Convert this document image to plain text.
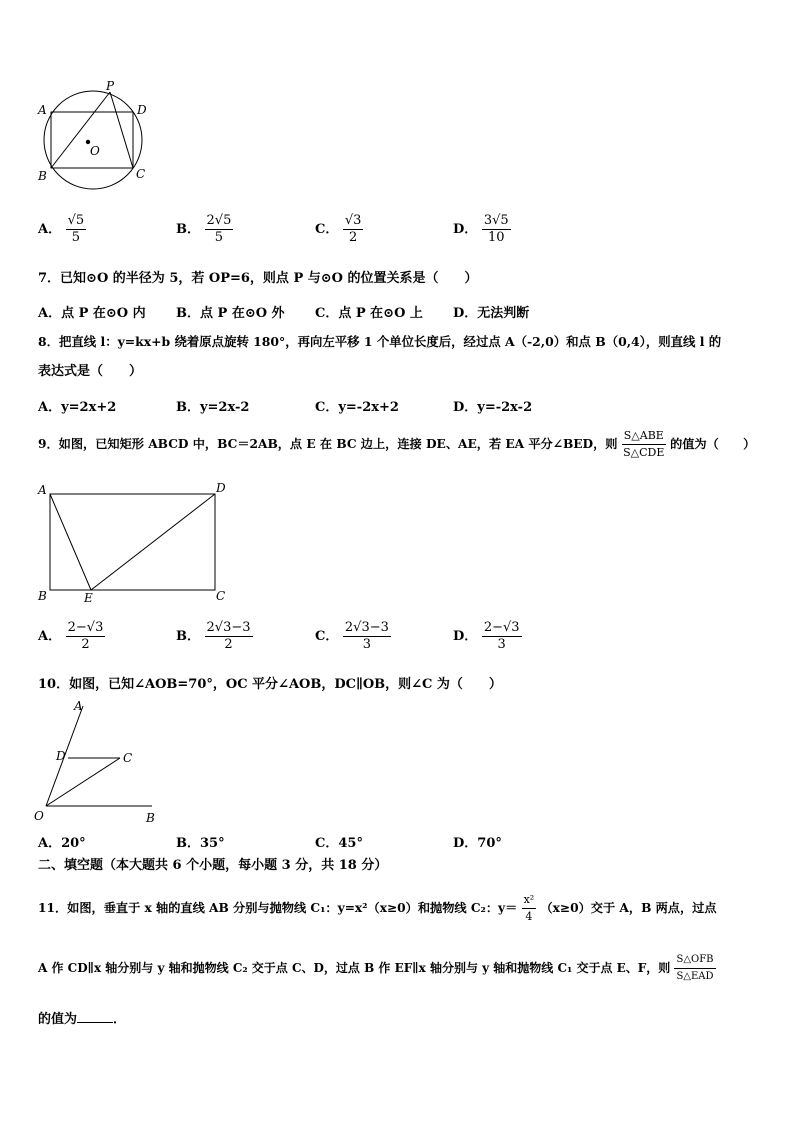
A
P
D
O
B	C
A． $\frac{√5}{5}$	B． $\frac{2√5}{5}$	C． $\frac{√3}{2}$	D． $\frac{3√5}{10}$
7．已知⊙O 的半径为 5，若 OP=6，则点 P 与⊙O 的位置关系是（　　）
A．点 P 在⊙O 内 B．点 P 在⊙O 外 C．点 P 在⊙O 上 D．无法判断
8．把直线 l：y=kx+b 绕着原点旋转 180°，再向左平移 1 个单位长度后，经过点 A（-2,0）和点 B（0,4），则直线 l 的
表达式是（　　）
A．y=2x+2	B．y=2x-2	C．y=-2x+2	D．y=-2x-2
9．如图，已知矩形 ABCD 中，BC＝2AB，点 E 在 BC 边上，连接 DE、AE，若 EA 平分∠BED，则 $\frac{\text{S△ABE}}{\text{S△CDE}}$ 的值为（　　）
A	D
B	E	C
A． $\frac{2-√3}{2}$	B． $\frac{2√3-3}{2}$	C． $\frac{2√3-3}{3}$	D． $\frac{2-√3}{3}$
10．如图，已知∠AOB=70°，OC 平分∠AOB，DC∥OB，则∠C 为（　　）
A
D	C
O	B
A．20°	B．35°	C．45°	D．70°
二、填空题（本大题共 6 个小题，每小题 3 分，共 18 分）
11．如图，垂直于 x 轴的直线 AB 分别与抛物线 C₁：y=x²（x≥0）和抛物线 C₂：$y= \frac{\text{x²}}{4} (x\ge 0)$交于 A，B 两点，过点
A 作 CD∥x 轴分别与 y 轴和抛物线 C₂ 交于点 C、D，过点 B 作 EF∥x 轴分别与 y 轴和抛物线 C₁ 交于点 E、F，则 $\frac{\text{S△OFB}}{\text{S△EAD}}$
的值为	．
